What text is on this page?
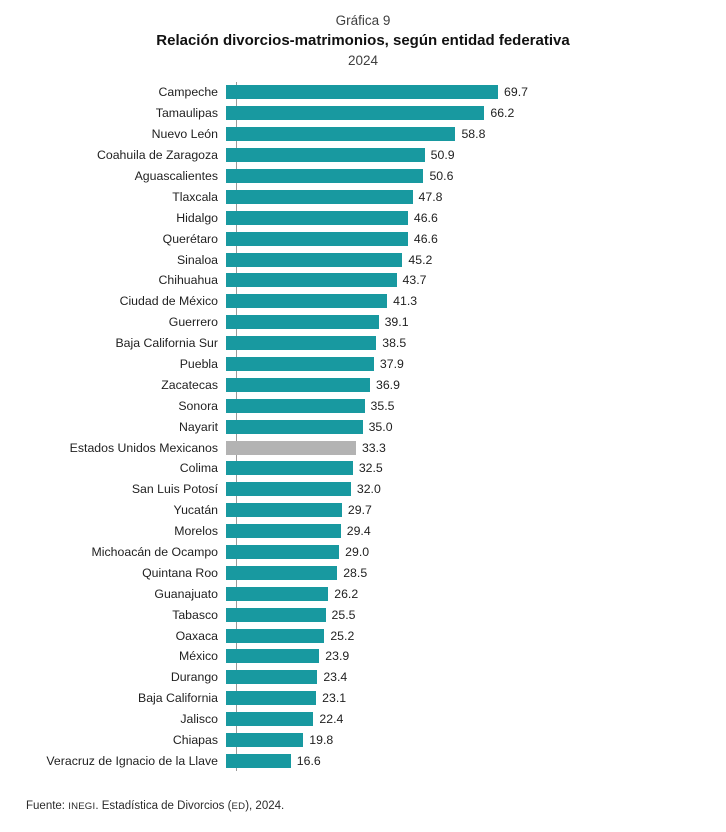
Gráfica 9
Relación divorcios-matrimonios, según entidad federativa
2024
Campeche	69.7
Tamaulipas	66.2
Nuevo León	58.8
Coahuila de Zaragoza	50.9
Aguascalientes	50.6
Tlaxcala	47.8
Hidalgo	46.6
Querétaro	46.6
Sinaloa	45.2
Chihuahua	43.7
Ciudad de México	41.3
Guerrero	39.1
Baja California Sur	38.5
Puebla	37.9
Zacatecas	36.9
Sonora	35.5
Nayarit	35.0
Estados Unidos Mexicanos	33.3
Colima	32.5
San Luis Potosí	32.0
Yucatán	29.7
Morelos	29.4
Michoacán de Ocampo	29.0
Quintana Roo	28.5
Guanajuato	26.2
Tabasco	25.5
Oaxaca	25.2
México	23.9
Durango	23.4
Baja California	23.1
Jalisco	22.4
Chiapas	19.8
Veracruz de Ignacio de la Llave	16.6
Fuente: INEGI. Estadística de Divorcios (ED), 2024.
